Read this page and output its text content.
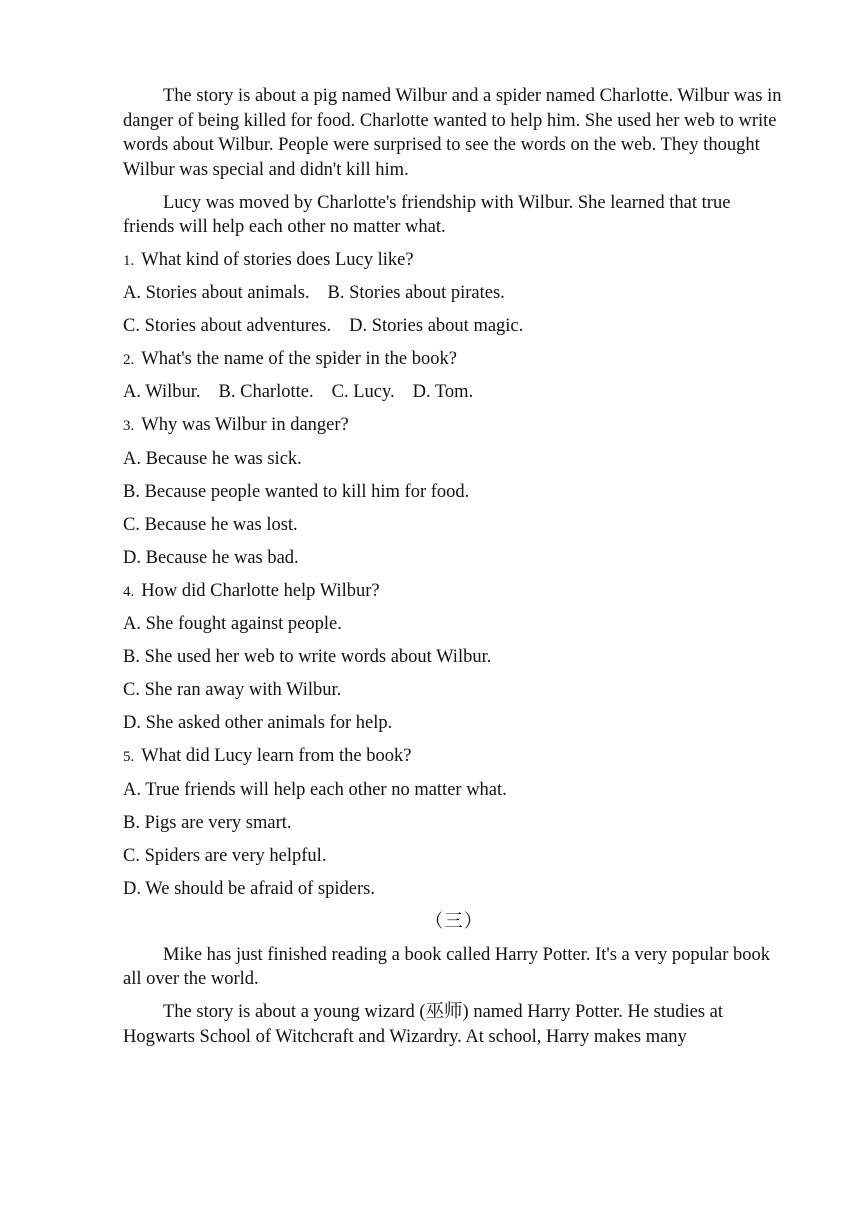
The story is about a pig named Wilbur and a spider named Charlotte. Wilbur was in danger of being killed for food. Charlotte wanted to help him. She used her web to write words about Wilbur. People were surprised to see the words on the web. They thought Wilbur was special and didn't kill him.

Lucy was moved by Charlotte's friendship with Wilbur. She learned that true friends will help each other no matter what.

1. What kind of stories does Lucy like?
A. Stories about animals. B. Stories about pirates.
C. Stories about adventures. D. Stories about magic.
2. What's the name of the spider in the book?
A. Wilbur. B. Charlotte. C. Lucy. D. Tom.
3. Why was Wilbur in danger?
A. Because he was sick.
B. Because people wanted to kill him for food.
C. Because he was lost.
D. Because he was bad.
4. How did Charlotte help Wilbur?
A. She fought against people.
B. She used her web to write words about Wilbur.
C. She ran away with Wilbur.
D. She asked other animals for help.
5. What did Lucy learn from the book?
A. True friends will help each other no matter what.
B. Pigs are very smart.
C. Spiders are very helpful.
D. We should be afraid of spiders.
（三）

Mike has just finished reading a book called Harry Potter. It's a very popular book all over the world.

The story is about a young wizard (巫师) named Harry Potter. He studies at Hogwarts School of Witchcraft and Wizardry. At school, Harry makes many
